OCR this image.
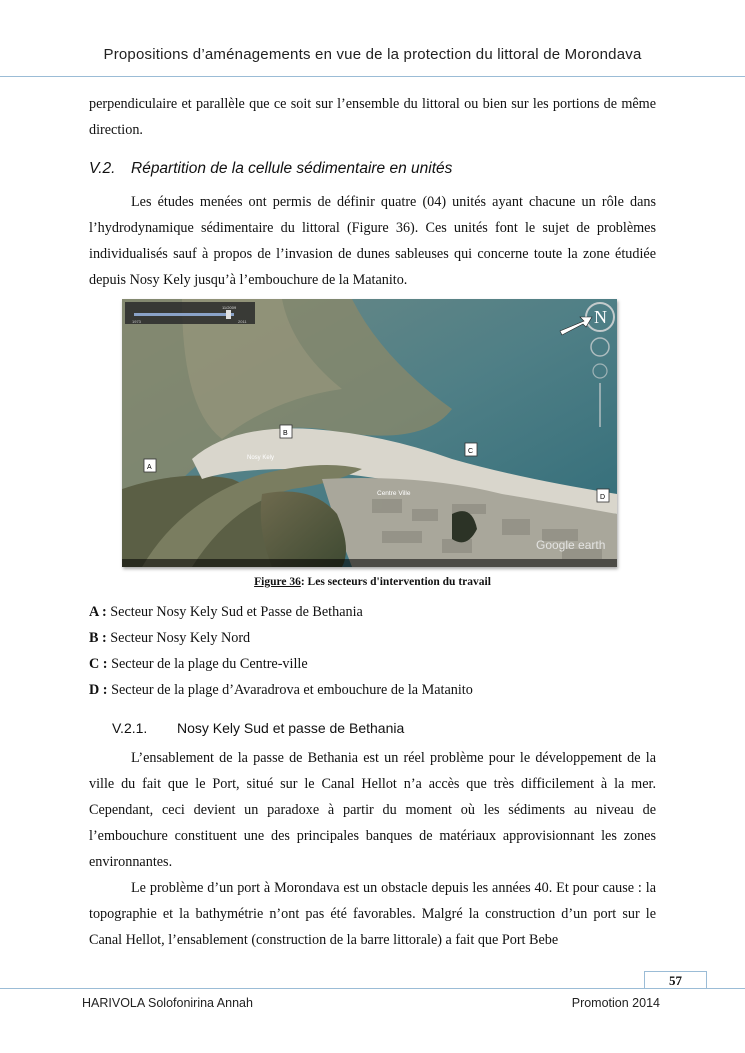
Propositions d’aménagements en vue de la protection du littoral de Morondava

perpendiculaire et parallèle que ce soit sur l’ensemble du littoral ou bien sur les portions de même direction.

V.2. Répartition de la cellule sédimentaire en unités

Les études menées ont permis de définir quatre (04) unités ayant chacune un rôle dans l’hydrodynamique sédimentaire du littoral (Figure 36). Ces unités font le sujet de problèmes individualisés sauf à propos de l’invasion de dunes sableuses qui concerne toute la zone étudiée depuis Nosy Kely jusqu’à l’embouchure de la Matanito.

1973	2011
11/2009	N
B
C
A
D
Nosy Kely
Centre Ville
Google earth
Figure 36: Les secteurs d'intervention du travail
A : Secteur Nosy Kely Sud et Passe de Bethania
B : Secteur Nosy Kely Nord
C : Secteur de la plage du Centre-ville
D : Secteur de la plage d’Avaradrova et embouchure de la Matanito
V.2.1. Nosy Kely Sud et passe de Bethania

L’ensablement de la passe de Bethania est un réel problème pour le développement de la ville du fait que le Port, situé sur le Canal Hellot n’a accès que très difficilement à la mer. Cependant, ceci devient un paradoxe à partir du moment où les sédiments au niveau de l’embouchure constituent une des principales banques de matériaux approvisionnant les zones environnantes.

Le problème d’un port à Morondava est un obstacle depuis les années 40. Et pour cause : la topographie et la bathymétrie n’ont pas été favorables. Malgré la construction d’un port sur le Canal Hellot, l’ensablement (construction de la barre littorale) a fait que Port Bebe

57
HARIVOLA Solofonirina Annah	Promotion 2014
